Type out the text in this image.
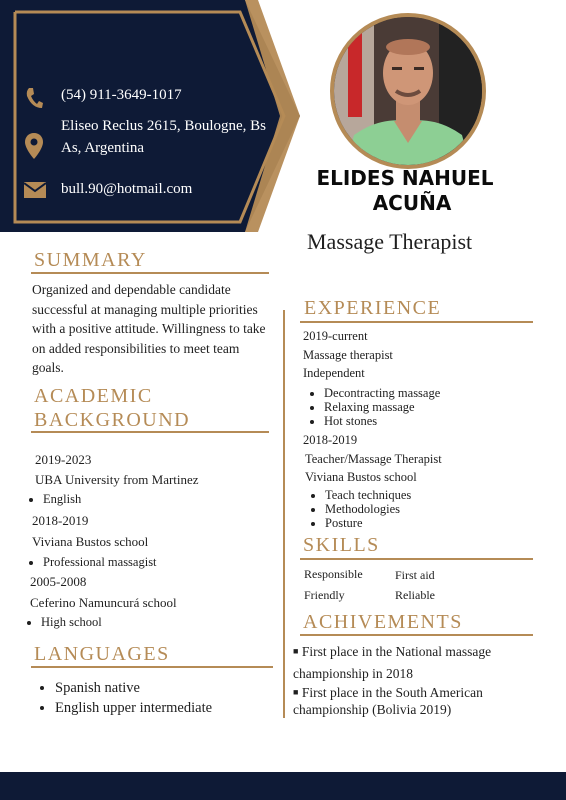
(54) 911-3649-1017
Eliseo Reclus 2615, Boulogne, Bs As, Argentina
bull.90@hotmail.com	ELIDES NAHUEL
ACUÑA
Massage Therapist
SUMMARY
Organized and dependable candidate successful at managing multiple priorities with a positive attitude. Willingness to take on added responsibilities to meet team goals.
ACADEMIC
BACKGROUND
2019-2023
UBA University from Martinez
• English
2018-2019
Viviana Bustos school
• Professional massagist
2005-2008
Ceferino Namuncurá school
• High school
LANGUAGES
• Spanish native
• English upper intermediate
EXPERIENCE
2019-current
Massage therapist
Independent
• Decontracting massage
• Relaxing massage
• Hot stones
2018-2019
Teacher/Massage Therapist
Viviana Bustos school
• Teach techniques
• Methodologies
• Posture
SKILLS
Responsible	First aid
Friendly	Reliable
ACHIVEMENTS
■ First place in the National massage championship in 2018
■ First place in the South American championship (Bolivia 2019)
